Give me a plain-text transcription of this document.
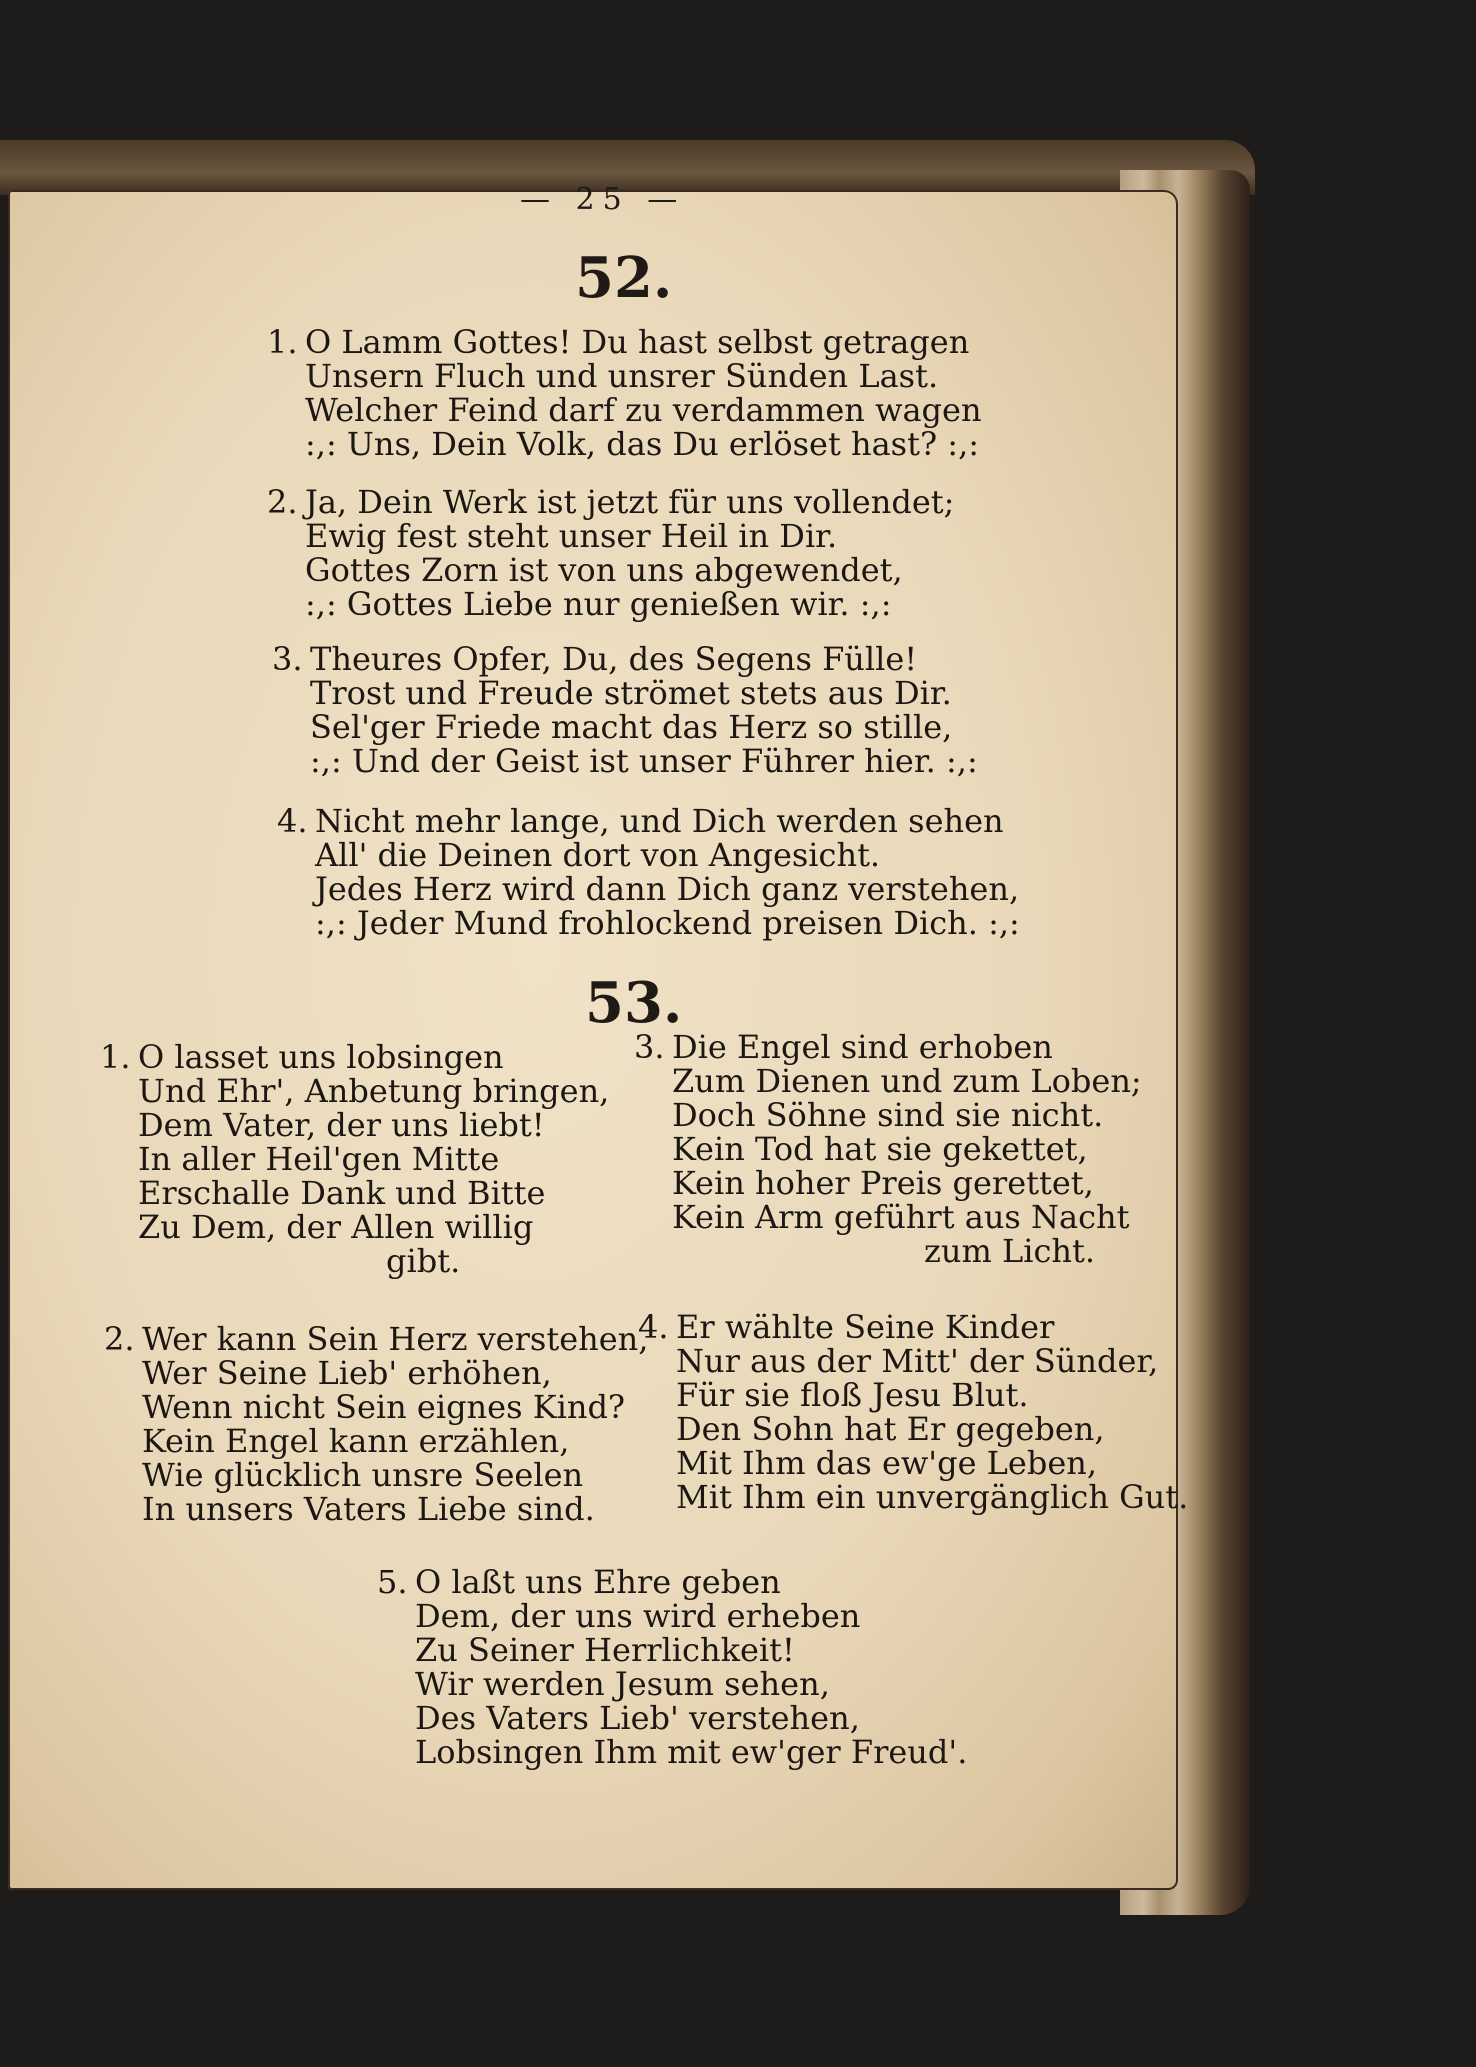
— 25 —
52.
1. O Lamm Gottes! Du hast selbst getragen
Unsern Fluch und unsrer Sünden Last.
Welcher Feind darf zu verdammen wagen
:,: Uns, Dein Volk, das Du erlöset hast? :,:
2. Ja, Dein Werk ist jetzt für uns vollendet;
Ewig fest steht unser Heil in Dir.
Gottes Zorn ist von uns abgewendet,
:,: Gottes Liebe nur genießen wir. :,:
3. Theures Opfer, Du, des Segens Fülle!
Trost und Freude strömet stets aus Dir.
Sel'ger Friede macht das Herz so stille,
:,: Und der Geist ist unser Führer hier. :,:
4. Nicht mehr lange, und Dich werden sehen
All' die Deinen dort von Angesicht.
Jedes Herz wird dann Dich ganz verstehen,
:,: Jeder Mund frohlockend preisen Dich. :,:
53.
1. O lasset uns lobsingen
Und Ehr', Anbetung bringen,
Dem Vater, der uns liebt!
In aller Heil'gen Mitte
Erschalle Dank und Bitte
Zu Dem, der Allen willig
gibt.
2. Wer kann Sein Herz verstehen,
Wer Seine Lieb' erhöhen,
Wenn nicht Sein eignes Kind?
Kein Engel kann erzählen,
Wie glücklich unsre Seelen
In unsers Vaters Liebe sind.
3. Die Engel sind erhoben
Zum Dienen und zum Loben;
Doch Söhne sind sie nicht.
Kein Tod hat sie gekettet,
Kein hoher Preis gerettet,
Kein Arm geführt aus Nacht
zum Licht.
4. Er wählte Seine Kinder
Nur aus der Mitt' der Sünder,
Für sie floß Jesu Blut.
Den Sohn hat Er gegeben,
Mit Ihm das ew'ge Leben,
Mit Ihm ein unvergänglich Gut.
5. O laßt uns Ehre geben
Dem, der uns wird erheben
Zu Seiner Herrlichkeit!
Wir werden Jesum sehen,
Des Vaters Lieb' verstehen,
Lobsingen Ihm mit ew'ger Freud'.
